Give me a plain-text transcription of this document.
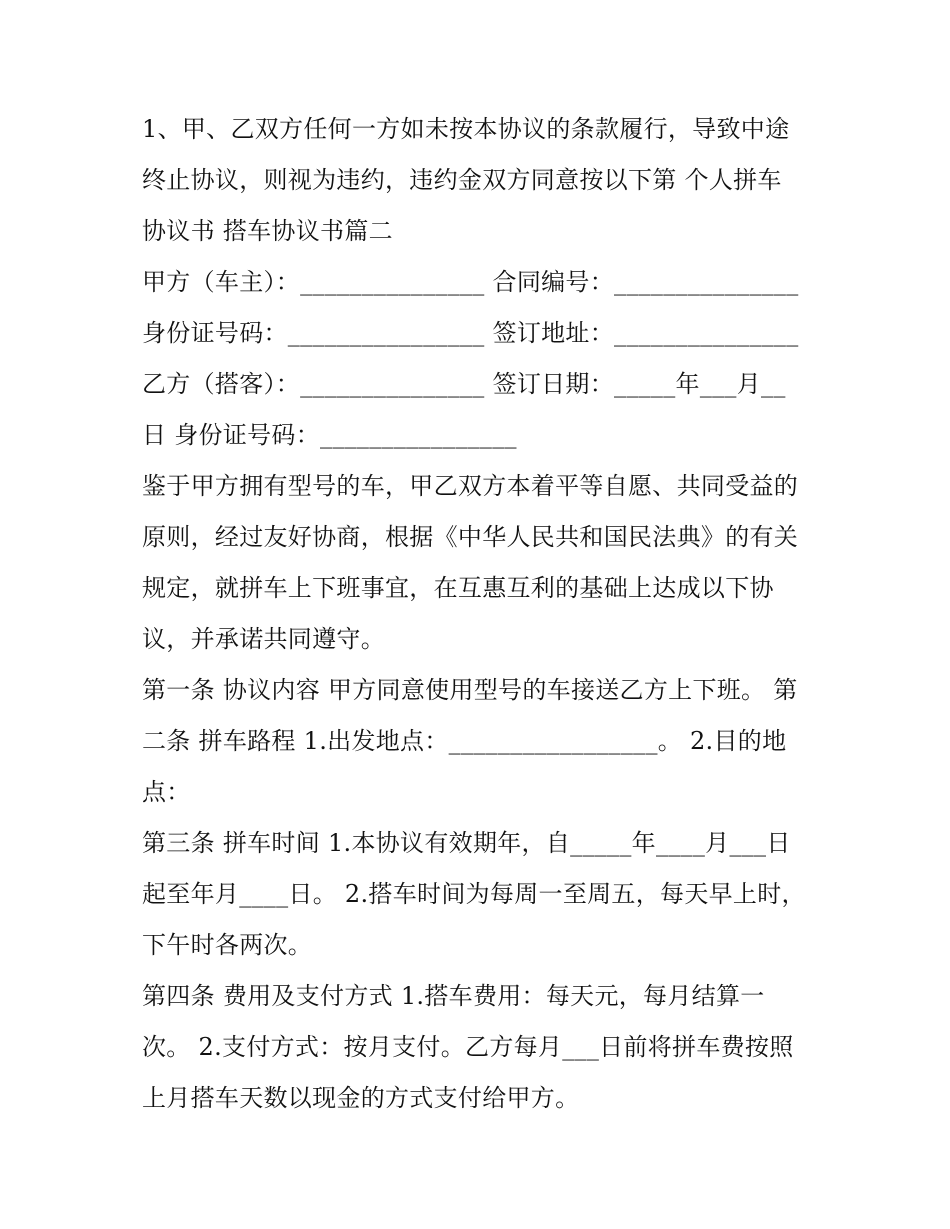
1、甲、乙双方任何一方如未按本协议的条款履行，导致中途
终止协议，则视为违约，违约金双方同意按以下第 个人拼车
协议书 搭车协议书篇二
甲方（车主）：_______________ 合同编号：_______________
身份证号码：________________ 签订地址：_______________
乙方（搭客）：_______________ 签订日期：_____年___月__
日 身份证号码：________________
鉴于甲方拥有型号的车，甲乙双方本着平等自愿、共同受益的
原则，经过友好协商，根据《中华人民共和国民法典》的有关
规定，就拼车上下班事宜，在互惠互利的基础上达成以下协
议，并承诺共同遵守。
第一条 协议内容 甲方同意使用型号的车接送乙方上下班。 第
二条 拼车路程 1.出发地点：_________________。 2.目的地
点：
第三条 拼车时间 1.本协议有效期年，自_____年____月___日
起至年月____日。 2.搭车时间为每周一至周五，每天早上时，
下午时各两次。
第四条 费用及支付方式 1.搭车费用：每天元，每月结算一
次。 2.支付方式：按月支付。乙方每月___日前将拼车费按照
上月搭车天数以现金的方式支付给甲方。
